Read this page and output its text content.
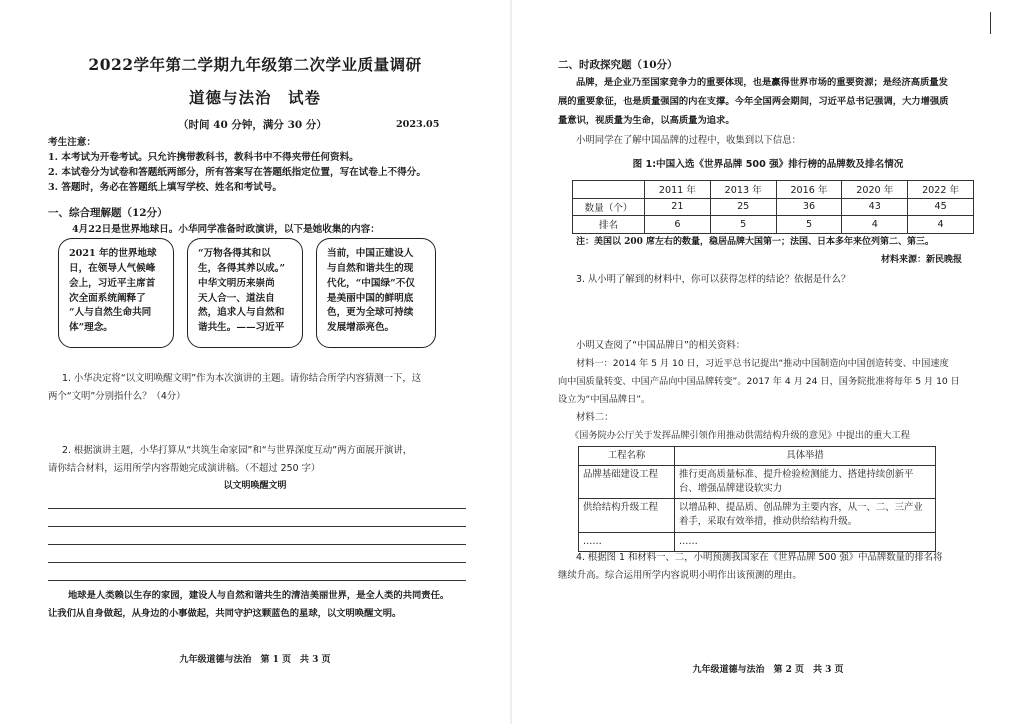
2022学年第二学期九年级第二次学业质量调研
道德与法治　 试卷
（时间 40 分钟，满分 30 分）	2023.05
考生注意：
1. 本考试为开卷考试。只允许携带教科书，教科书中不得夹带任何资料。
2. 本试卷分为试卷和答题纸两部分，所有答案写在答题纸指定位置，写在试卷上不得分。
3. 答题时，务必在答题纸上填写学校、姓名和考试号。
一、综合理解题（12分）
4月22日是世界地球日。小华同学准备时政演讲，以下是她收集的内容：
2021 年的世界地球
日，在领导人气候峰
会上，习近平主席首
次全面系统阐释了
“人与自然生命共同
体”理念。
“万物各得其和以
生，各得其养以成。”
中华文明历来崇尚
天人合一、道法自
然，追求人与自然和
谐共生。——习近平
当前，中国正建设人
与自然和谐共生的现
代化，“中国绿”不仅
是美丽中国的鲜明底
色，更为全球可持续
发展增添亮色。
1. 小华决定将“以文明唤醒文明”作为本次演讲的主题。请你结合所学内容猜测一下，这
两个“文明”分别指什么？（4分）
2. 根据演讲主题，小华打算从“共筑生命家园”和“与世界深度互动”两方面展开演讲，
请你结合材料，运用所学内容帮她完成演讲稿。（不超过 250 字）
以文明唤醒文明
地球是人类赖以生存的家园，建设人与自然和谐共生的清洁美丽世界，是全人类的共同责任。
让我们从自身做起，从身边的小事做起，共同守护这颗蓝色的星球，以文明唤醒文明。
九年级道德与法治　第 1 页　共 3 页
二、时政探究题（10分）
品牌，是企业乃至国家竞争力的重要体现，也是赢得世界市场的重要资源；是经济高质量发
展的重要象征，也是质量强国的内在支撑。今年全国两会期间，习近平总书记强调，大力增强质
量意识，视质量为生命，以高质量为追求。
小明同学在了解中国品牌的过程中，收集到以下信息：
图 1:中国入选《世界品牌 500 强》排行榜的品牌数及排名情况
	2011 年	2013 年	2016 年	2020 年	2022 年
数量（个）	21	25	36	43	45
排名	6	5	5	4	4
注：美国以 200 席左右的数量，稳居品牌大国第一；法国、日本多年来位列第二、第三。
材料来源：新民晚报
3. 从小明了解到的材料中，你可以获得怎样的结论？依据是什么？
小明又查阅了“中国品牌日”的相关资料：
材料一：2014 年 5 月 10 日，习近平总书记提出“推动中国制造向中国创造转变、中国速度
向中国质量转变、中国产品向中国品牌转变”。2017 年 4 月 24 日，国务院批准将每年 5 月 10 日
设立为“中国品牌日”。
材料二：
《国务院办公厅关于发挥品牌引领作用推动供需结构升级的意见》中提出的重大工程
工程名称	具体举措
品牌基础建设工程	推行更高质量标准、提升检验检测能力、搭建持续创新平台、增强品牌建设软实力
供给结构升级工程	以增品种、提品质、创品牌为主要内容，从一、二、三产业着手，采取有效举措，推动供给结构升级。
……	……
4. 根据图 1 和材料一、二，小明预测我国家在《世界品牌 500 强》中品牌数量的排名将
继续升高。综合运用所学内容说明小明作出该预测的理由。
九年级道德与法治　第 2 页　共 3 页
